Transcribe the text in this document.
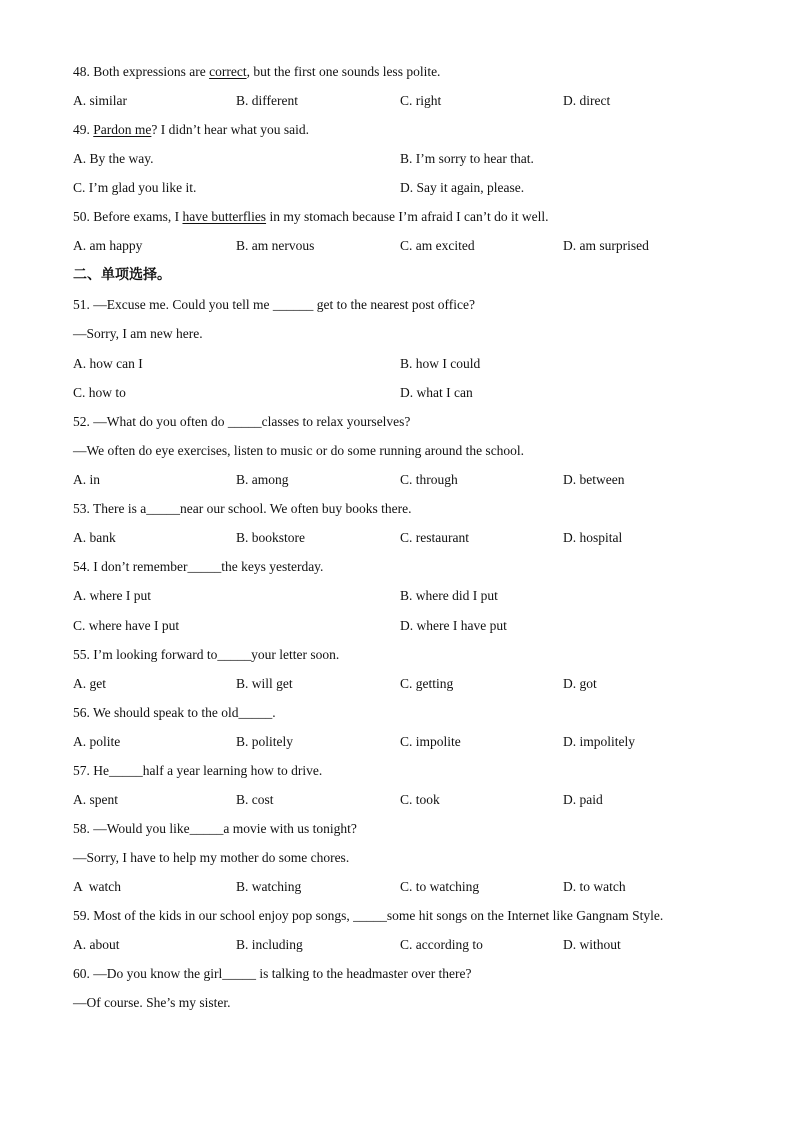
48. Both expressions are correct, but the first one sounds less polite.
A. similar	B. different	C. right	D. direct
49. Pardon me? I didn’t hear what you said.
A. By the way.	B. I’m sorry to hear that.
C. I’m glad you like it.	D. Say it again, please.
50. Before exams, I have butterflies in my stomach because I’m afraid I can’t do it well.
A. am happy	B. am nervous	C. am excited	D. am surprised
二、单项选择。
51. —Excuse me. Could you tell me ______ get to the nearest post office?
—Sorry, I am new here.
A. how can I	B. how I could
C. how to	D. what I can
52. —What do you often do _____classes to relax yourselves?
—We often do eye exercises, listen to music or do some running around the school.
A. in	B. among	C. through	D. between
53. There is a_____near our school. We often buy books there.
A. bank	B. bookstore	C. restaurant	D. hospital
54. I don’t remember_____the keys yesterday.
A. where I put	B. where did I put
C. where have I put	D. where I have put
55. I’m looking forward to_____your letter soon.
A. get	B. will get	C. getting	D. got
56. We should speak to the old_____.
A. polite	B. politely	C. impolite	D. impolitely
57. He_____half a year learning how to drive.
A. spent	B. cost	C. took	D. paid
58. —Would you like_____a movie with us tonight?
—Sorry, I have to help my mother do some chores.
A  watch	B. watching	C. to watching	D. to watch
59. Most of the kids in our school enjoy pop songs, _____some hit songs on the Internet like Gangnam Style.
A. about	B. including	C. according to	D. without
60. —Do you know the girl_____ is talking to the headmaster over there?
—Of course. She’s my sister.
